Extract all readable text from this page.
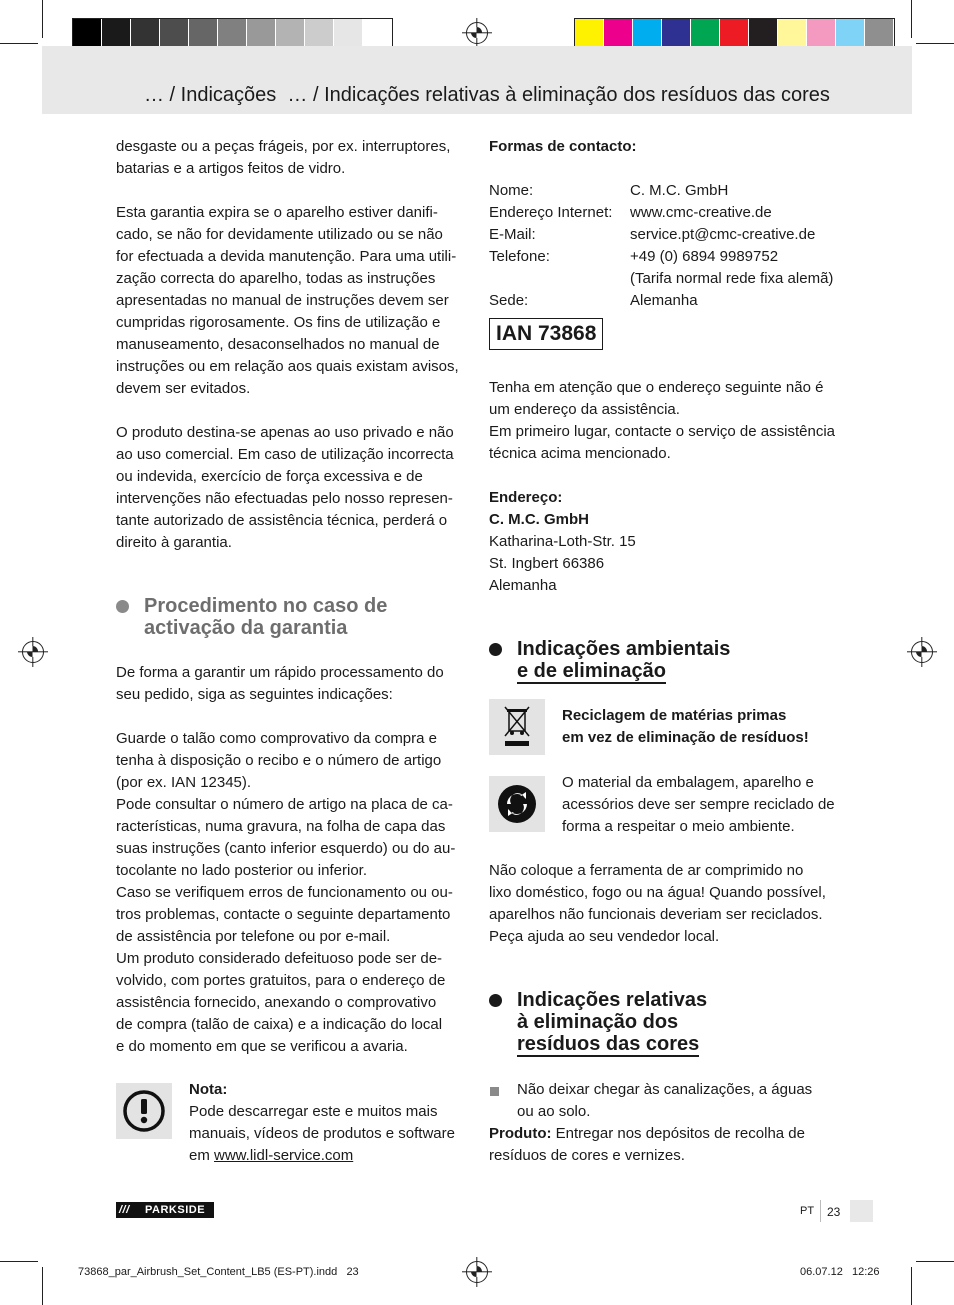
… / Indicações  … / Indicações relativas à eliminação dos resíduos das cores

desgaste ou a peças frágeis, por ex. interruptores,

batarias e a artigos feitos de vidro.

Esta garantia expira se o aparelho estiver danifi-

cado, se não for devidamente utilizado ou se não

for efectuada a devida manutenção. Para uma utili-

zação correcta do aparelho, todas as instruções

apresentadas no manual de instruções devem ser

cumpridas rigorosamente. Os fins de utilização e

manuseamento, desaconselhados no manual de

instruções ou em relação aos quais existam avisos,

devem ser evitados.

O produto destina-se apenas ao uso privado e não

ao uso comercial. Em caso de utilização incorrecta

ou indevida, exercício de força excessiva e de

intervenções não efectuadas pelo nosso represen-

tante autorizado de assistência técnica, perderá o

direito à garantia.

Procedimento no caso de
activação da garantia

De forma a garantir um rápido processamento do

seu pedido, siga as seguintes indicações:

Guarde o talão como comprovativo da compra e

tenha à disposição o recibo e o número de artigo

(por ex. IAN 12345).

Pode consultar o número de artigo na placa de ca-

racterísticas, numa gravura, na folha de capa das

suas instruções (canto inferior esquerdo) ou do au-

tocolante no lado posterior ou inferior.

Caso se verifiquem erros de funcionamento ou ou-

tros problemas, contacte o seguinte departamento

de assistência por telefone ou por e-mail.

Um produto considerado defeituoso pode ser de-

volvido, com portes gratuitos, para o endereço de

assistência fornecido, anexando o comprovativo

de compra (talão de caixa) e a indicação do local

e do momento em que se verificou a avaria.

Nota:

Pode descarregar este e muitos mais

manuais, vídeos de produtos e software

em www.lidl-service.com

Formas de contacto:

Nome:	C. M.C. GmbH
Endereço Internet:	www.cmc-creative.de
E-Mail:	service.pt@cmc-creative.de
Telefone:	+49 (0) 6894 9989752
(Tarifa normal rede fixa alemã)
Sede:	Alemanha
IAN 73868

Tenha em atenção que o endereço seguinte não é

um endereço da assistência.

Em primeiro lugar, contacte o serviço de assistência

técnica acima mencionado.

Endereço:

C. M.C. GmbH

Katharina-Loth-Str. 15

St. Ingbert 66386

Alemanha

Indicações ambientais
e de eliminação

Reciclagem de matérias primas

em vez de eliminação de resíduos!

O material da embalagem, aparelho e

acessórios deve ser sempre reciclado de

forma a respeitar o meio ambiente.

Não coloque a ferramenta de ar comprimido no

lixo doméstico, fogo ou na água! Quando possível,

aparelhos não funcionais deveriam ser reciclados.

Peça ajuda ao seu vendedor local.

Indicações relativas
à eliminação dos
resíduos das cores

Não deixar chegar às canalizações, a águas

ou ao solo.

Produto: Entregar nos depósitos de recolha de

resíduos de cores e vernizes.

/// PARKSIDE	PT 23
73868_par_Airbrush_Set_Content_LB5 (ES-PT).indd   23	06.07.12   12:26
